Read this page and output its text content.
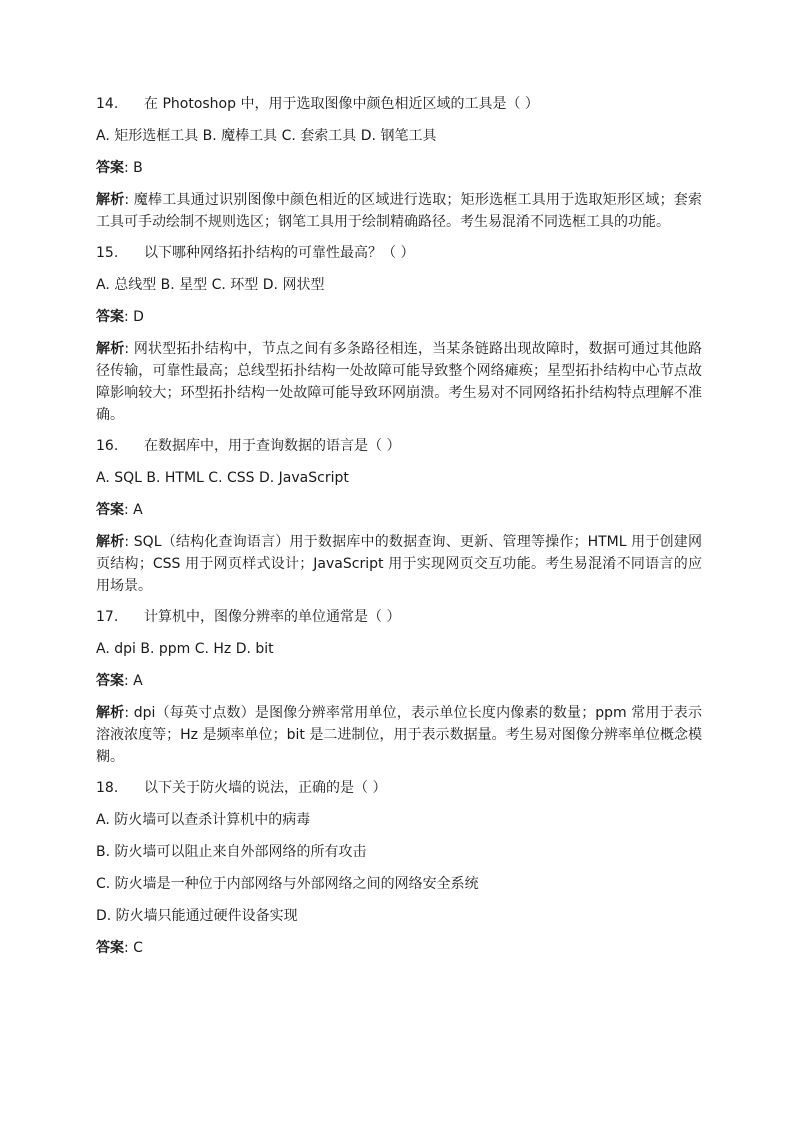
14. 在 Photoshop 中，用于选取图像中颜色相近区域的工具是（ ）

A. 矩形选框工具 B. 魔棒工具 C. 套索工具 D. 钢笔工具

答案: B

解析: 魔棒工具通过识别图像中颜色相近的区域进行选取；矩形选框工具用于选取矩形区域；套索工具可手动绘制不规则选区；钢笔工具用于绘制精确路径。考生易混淆不同选框工具的功能。

15. 以下哪种网络拓扑结构的可靠性最高？（ ）

A. 总线型 B. 星型 C. 环型 D. 网状型

答案: D

解析: 网状型拓扑结构中，节点之间有多条路径相连，当某条链路出现故障时，数据可通过其他路径传输，可靠性最高；总线型拓扑结构一处故障可能导致整个网络瘫痪；星型拓扑结构中心节点故障影响较大；环型拓扑结构一处故障可能导致环网崩溃。考生易对不同网络拓扑结构特点理解不准确。

16. 在数据库中，用于查询数据的语言是（ ）

A. SQL B. HTML C. CSS D. JavaScript

答案: A

解析: SQL（结构化查询语言）用于数据库中的数据查询、更新、管理等操作；HTML 用于创建网页结构；CSS 用于网页样式设计；JavaScript 用于实现网页交互功能。考生易混淆不同语言的应用场景。

17. 计算机中，图像分辨率的单位通常是（ ）

A. dpi B. ppm C. Hz D. bit

答案: A

解析: dpi（每英寸点数）是图像分辨率常用单位，表示单位长度内像素的数量；ppm 常用于表示溶液浓度等；Hz 是频率单位；bit 是二进制位，用于表示数据量。考生易对图像分辨率单位概念模糊。

18. 以下关于防火墙的说法，正确的是（ ）

A. 防火墙可以查杀计算机中的病毒

B. 防火墙可以阻止来自外部网络的所有攻击

C. 防火墙是一种位于内部网络与外部网络之间的网络安全系统

D. 防火墙只能通过硬件设备实现

答案: C
